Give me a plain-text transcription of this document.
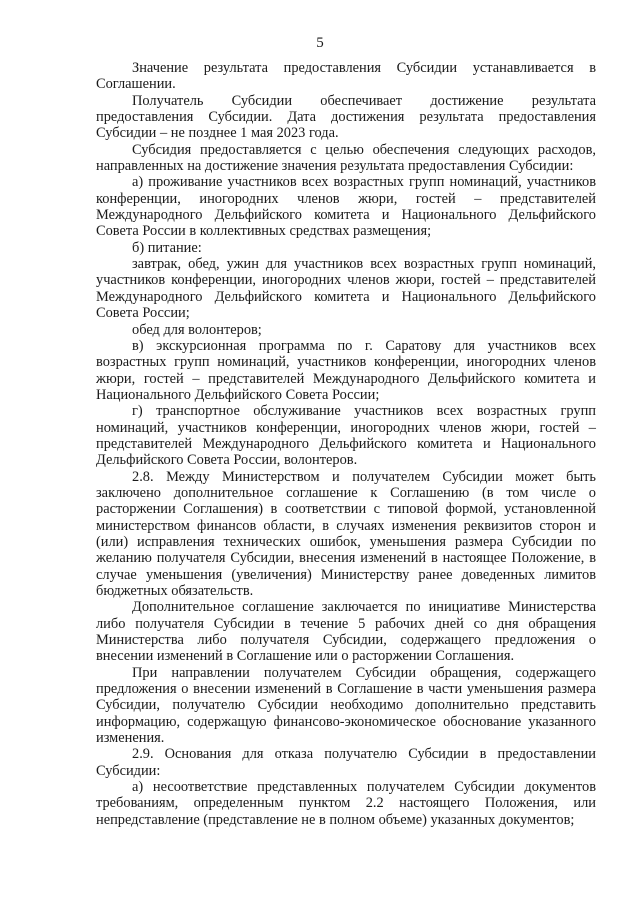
5

Значение результата предоставления Субсидии устанавливается в Соглашении.

Получатель Субсидии обеспечивает достижение результата предоставления Субсидии. Дата достижения результата предоставления Субсидии – не позднее 1 мая 2023 года.

Субсидия предоставляется с целью обеспечения следующих расходов, направленных на достижение значения результата предоставления Субсидии:

а) проживание участников всех возрастных групп номинаций, участников конференции, иногородних членов жюри, гостей – представителей Международного Дельфийского комитета и Национального Дельфийского Совета России в коллективных средствах размещения;

б) питание:

завтрак, обед, ужин для участников всех возрастных групп номинаций, участников конференции, иногородних членов жюри, гостей – представителей Международного Дельфийского комитета и Национального Дельфийского Совета России;

обед для волонтеров;

в) экскурсионная программа по г. Саратову для участников всех возрастных групп номинаций, участников конференции, иногородних членов жюри, гостей – представителей Международного Дельфийского комитета и Национального Дельфийского Совета России;

г) транспортное обслуживание участников всех возрастных групп номинаций, участников конференции, иногородних членов жюри, гостей – представителей Международного Дельфийского комитета и Национального Дельфийского Совета России, волонтеров.

2.8. Между Министерством и получателем Субсидии может быть заключено дополнительное соглашение к Соглашению (в том числе о расторжении Соглашения) в соответствии с типовой формой, установленной министерством финансов области, в случаях изменения реквизитов сторон и (или) исправления технических ошибок, уменьшения размера Субсидии по желанию получателя Субсидии, внесения изменений в настоящее Положение, в случае уменьшения (увеличения) Министерству ранее доведенных лимитов бюджетных обязательств.

Дополнительное соглашение заключается по инициативе Министерства либо получателя Субсидии в течение 5 рабочих дней со дня обращения Министерства либо получателя Субсидии, содержащего предложения о внесении изменений в Соглашение или о расторжении Соглашения.

При направлении получателем Субсидии обращения, содержащего предложения о внесении изменений в Соглашение в части уменьшения размера Субсидии, получателю Субсидии необходимо дополнительно представить информацию, содержащую финансово-экономическое обоснование указанного изменения.

2.9. Основания для отказа получателю Субсидии в предоставлении Субсидии:

а) несоответствие представленных получателем Субсидии документов требованиям, определенным пунктом 2.2 настоящего Положения, или непредставление (представление не в полном объеме) указанных документов;
